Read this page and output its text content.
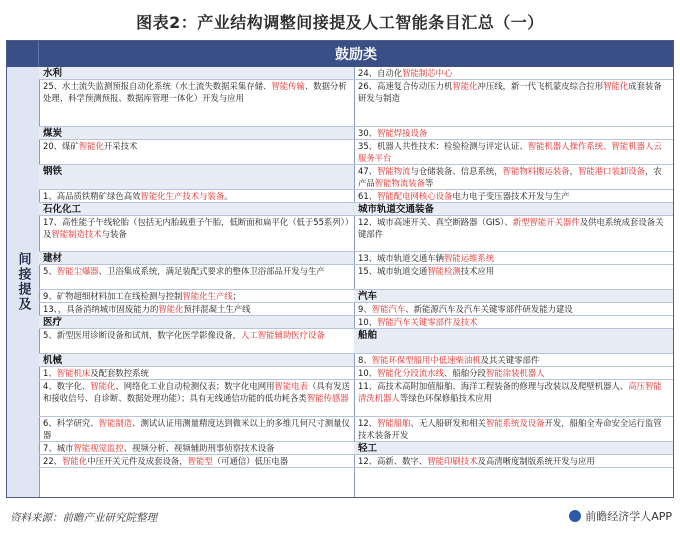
图表2：产业结构调整间接提及人工智能条目汇总（一）
鼓励类
间接提及
水利
25、水土流失监测预报自动化系统（水土流失数据采集存储、智能传输、数据分析处理、科学预测预报、数据库管理一体化）开发与应用
煤炭
20、煤矿智能化开采技术
钢铁
1、高品质铁精矿绿色高效智能化生产技术与装备。
石化化工
17、高性能子午线轮胎（包括无内胎载重子午胎，低断面和扁平化（低于55系列））及智能制造技术与装备
建材
5、智能尘爆器、卫浴集成系统，满足装配式要求的整体卫浴部品开发与生产
9、矿物超细材料加工在线检测与控制智能化生产线；
13、，具备消纳城市固废能力的智能化预拌混凝土生产线
医疗
5、新型医用诊断设备和试剂，数字化医学影像设备，人工智能辅助医疗设备
机械
1、智能机床及配套数控系统
4、数字化、智能化、网络化工业自动检测仪表；数字化电网用智能电表（具有发送和接收信号、自诊断、数据处理功能）；具有无线通信功能的低功耗各类智能传感器
6、科学研究、智能制造、测试认证用测量精度达到微米以上的多维几何尺寸测量仪器
7、城市智能视觉监控、视频分析、视频辅助刑事侦察技术设备
22、智能化中压开关元件及成套设备，智能型（可通信）低压电器
24、自动化智能制芯中心
26、高速复合传动压力机智能化冲压线，新一代飞机蒙皮综合拉形智能化成套装备研发与制造
30、智能焊接设备
35、机器人共性技术：检验检测与评定认证、智能机器人操作系统、智能机器人云服务平台
47、智能物流与仓储装备、信息系统，智能物料搬运装备，智能港口装卸设备，农产品智能物流装备等
61、智能配电网核心设备电力电子变压器技术开发与生产
城市轨道交通装备
12、城市高速开关、真空断路器（GIS）、新型智能开关器件及供电系统成套设备关键部件
13、城市轨道交通车辆智能运维系统
15、城市轨道交通智能检测技术应用
汽车
9、智能汽车、新能源汽车及汽车关键零部件研发能力建设
10、智能汽车关键零部件及技术
船舶
8、智能环保型船用中低速柴油机及其关键零部件
10、智能化分段流水线、船舶分段智能涂装机器人
11、高技术高附加值船舶、海洋工程装备的修理与改装以及爬壁机器人、高压智能清洗机器人等绿色环保修船技术应用
12、智能船舶、无人船研发和相关智能系统及设备开发，船舶全寿命安全运行监管技术装备开发
轻工
12、高新、数字、智能印刷技术及高清晰度制版系统开发与应用
资料来源：前瞻产业研究院整理	前瞻经济学人APP
